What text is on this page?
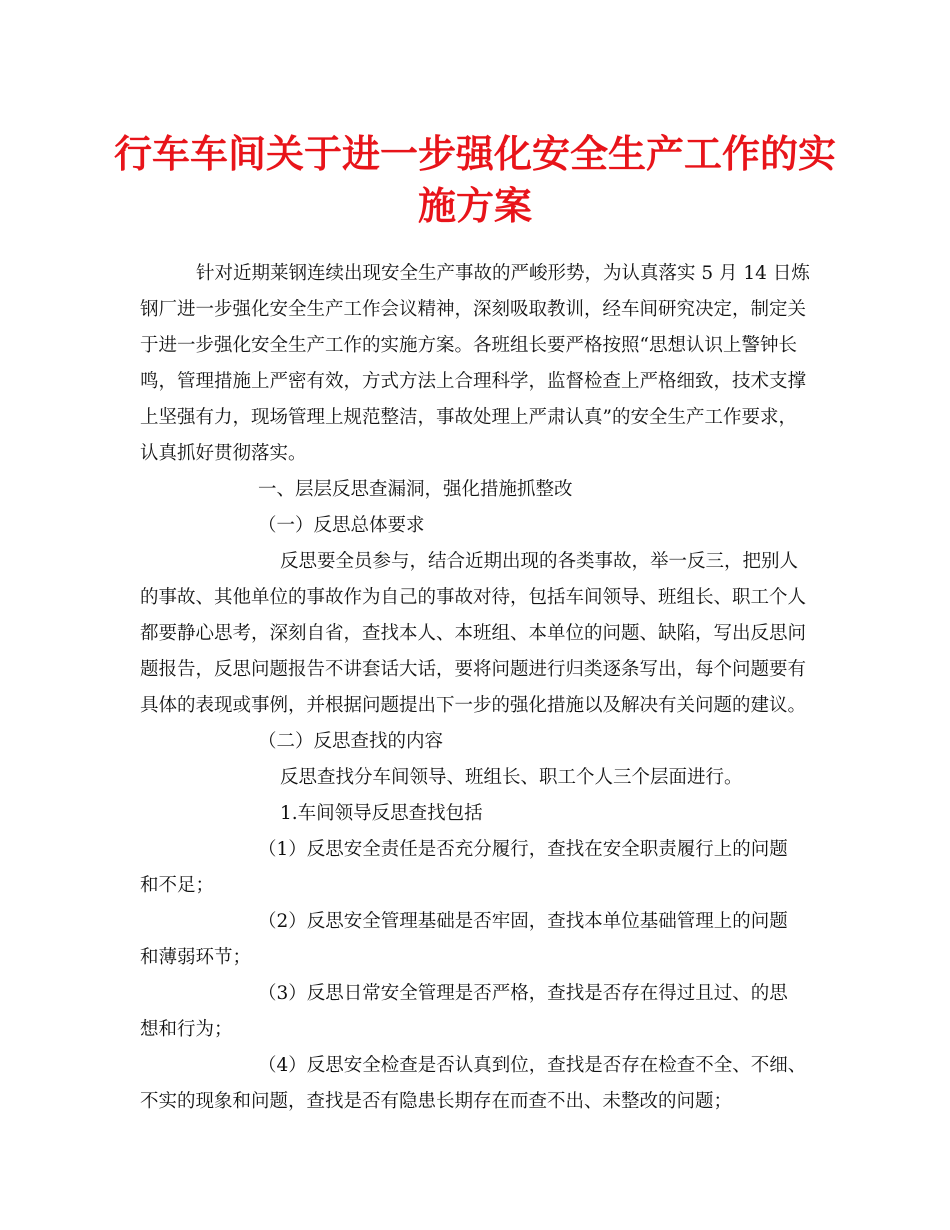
行车车间关于进一步强化安全生产工作的实
施方案

针对近期莱钢连续出现安全生产事故的严峻形势，为认真落实 5 月 14 日炼

钢厂进一步强化安全生产工作会议精神，深刻吸取教训，经车间研究决定，制定关

于进一步强化安全生产工作的实施方案。各班组长要严格按照“思想认识上警钟长

鸣，管理措施上严密有效，方式方法上合理科学，监督检查上严格细致，技术支撑

上坚强有力，现场管理上规范整洁，事故处理上严肃认真”的安全生产工作要求，

认真抓好贯彻落实。

一、层层反思查漏洞，强化措施抓整改

（一）反思总体要求

反思要全员参与，结合近期出现的各类事故，举一反三，把别人

的事故、其他单位的事故作为自己的事故对待，包括车间领导、班组长、职工个人

都要静心思考，深刻自省，查找本人、本班组、本单位的问题、缺陷，写出反思问

题报告，反思问题报告不讲套话大话，要将问题进行归类逐条写出，每个问题要有

具体的表现或事例，并根据问题提出下一步的强化措施以及解决有关问题的建议。

（二）反思查找的内容

反思查找分车间领导、班组长、职工个人三个层面进行。

1.车间领导反思查找包括

（1）反思安全责任是否充分履行，查找在安全职责履行上的问题

和不足；

（2）反思安全管理基础是否牢固，查找本单位基础管理上的问题

和薄弱环节；

（3）反思日常安全管理是否严格，查找是否存在得过且过、的思

想和行为；

（4）反思安全检查是否认真到位，查找是否存在检查不全、不细、

不实的现象和问题，查找是否有隐患长期存在而查不出、未整改的问题；
